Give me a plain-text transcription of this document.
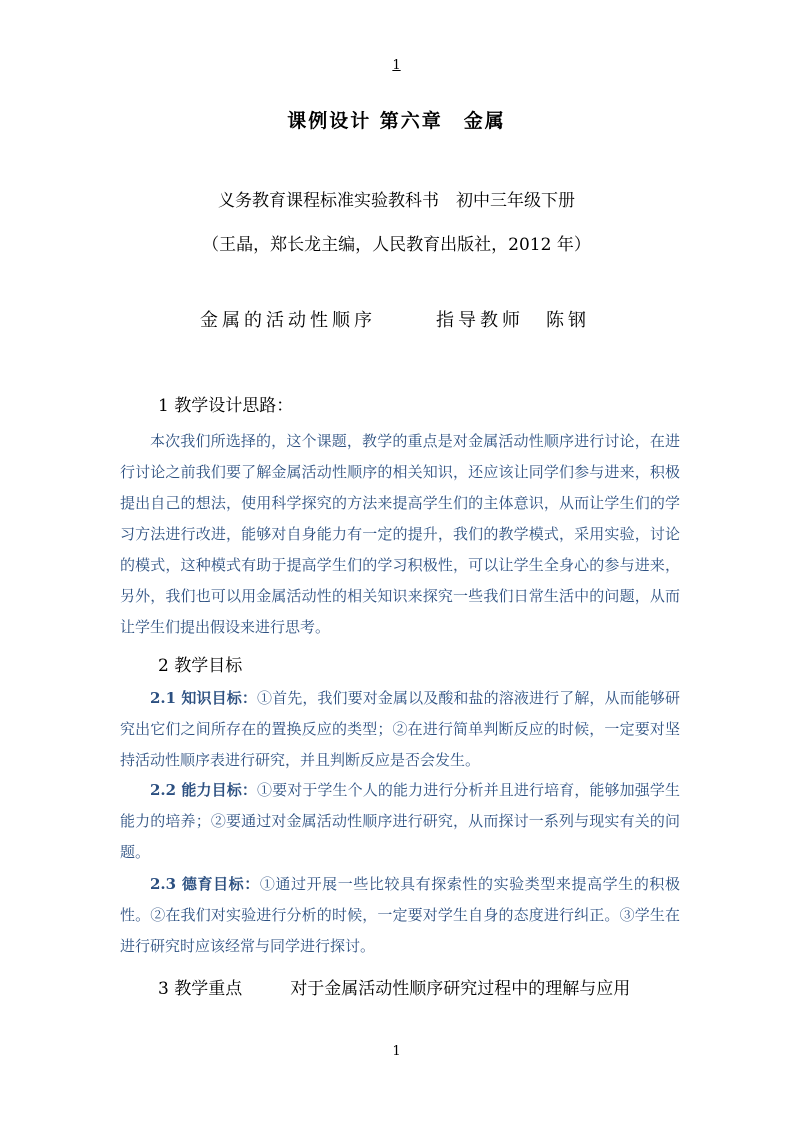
1
课例设计 第六章　金属
义务教育课程标准实验教科书　初中三年级下册
（王晶，郑长龙主编，人民教育出版社，2012 年）
金属的活动性顺序	指导教师　陈钢
1 教学设计思路：
本次我们所选择的，这个课题，教学的重点是对金属活动性顺序进行讨论，在进行讨论之前我们要了解金属活动性顺序的相关知识，还应该让同学们参与进来，积极提出自己的想法，使用科学探究的方法来提高学生们的主体意识，从而让学生们的学习方法进行改进，能够对自身能力有一定的提升，我们的教学模式，采用实验，讨论的模式，这种模式有助于提高学生们的学习积极性，可以让学生全身心的参与进来，另外，我们也可以用金属活动性的相关知识来探究一些我们日常生活中的问题，从而让学生们提出假设来进行思考。
2 教学目标
2.1 知识目标：①首先，我们要对金属以及酸和盐的溶液进行了解，从而能够研究出它们之间所存在的置换反应的类型；②在进行简单判断反应的时候，一定要对坚持活动性顺序表进行研究，并且判断反应是否会发生。
2.2 能力目标：①要对于学生个人的能力进行分析并且进行培育，能够加强学生能力的培养；②要通过对金属活动性顺序进行研究，从而探讨一系列与现实有关的问题。
2.3 德育目标：①通过开展一些比较具有探索性的实验类型来提高学生的积极性。②在我们对实验进行分析的时候，一定要对学生自身的态度进行纠正。③学生在进行研究时应该经常与同学进行探讨。
3 教学重点	对于金属活动性顺序研究过程中的理解与应用
1
